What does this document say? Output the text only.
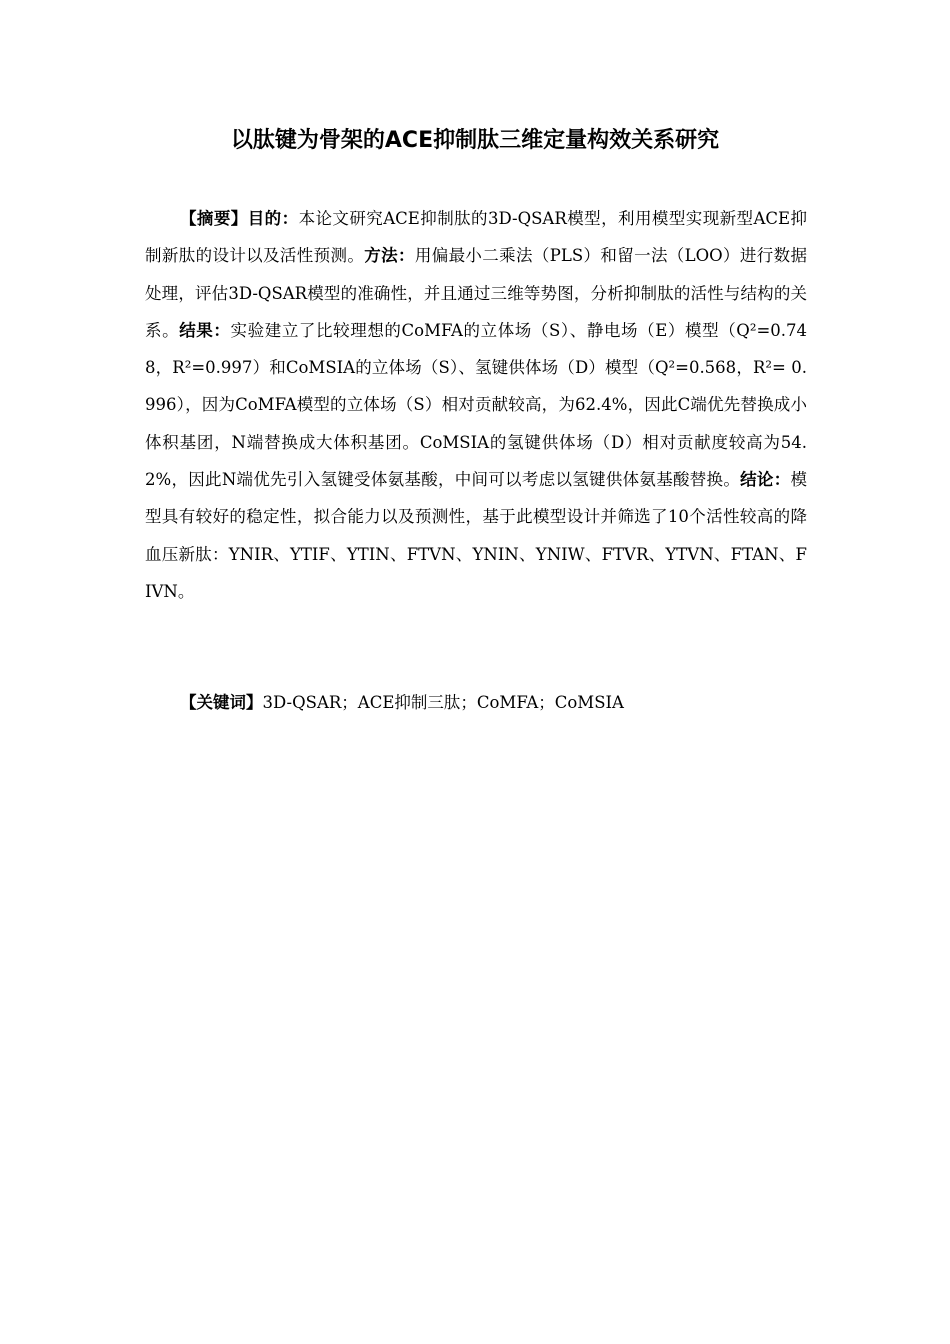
以肽键为骨架的ACE抑制肽三维定量构效关系研究

【摘要】目的：本论文研究ACE抑制肽的3D-QSAR模型，利用模型实现新型ACE抑制新肽的设计以及活性预测。方法：用偏最小二乘法（PLS）和留一法（LOO）进行数据处理，评估3D-QSAR模型的准确性，并且通过三维等势图，分析抑制肽的活性与结构的关系。结果：实验建立了比较理想的CoMFA的立体场（S）、静电场（E）模型（Q²=0.748，R²=0.997）和CoMSIA的立体场（S）、氢键供体场（D）模型（Q²=0.568，R²= 0.996），因为CoMFA模型的立体场（S）相对贡献较高，为62.4%，因此C端优先替换成小体积基团，N端替换成大体积基团。CoMSIA的氢键供体场（D）相对贡献度较高为54.2%，因此N端优先引入氢键受体氨基酸，中间可以考虑以氢键供体氨基酸替换。结论：模型具有较好的稳定性，拟合能力以及预测性，基于此模型设计并筛选了10个活性较高的降血压新肽：YNIR、YTIF、YTIN、FTVN、YNIN、YNIW、FTVR、YTVN、FTAN、FIVN。

【关键词】3D-QSAR；ACE抑制三肽；CoMFA；CoMSIA
